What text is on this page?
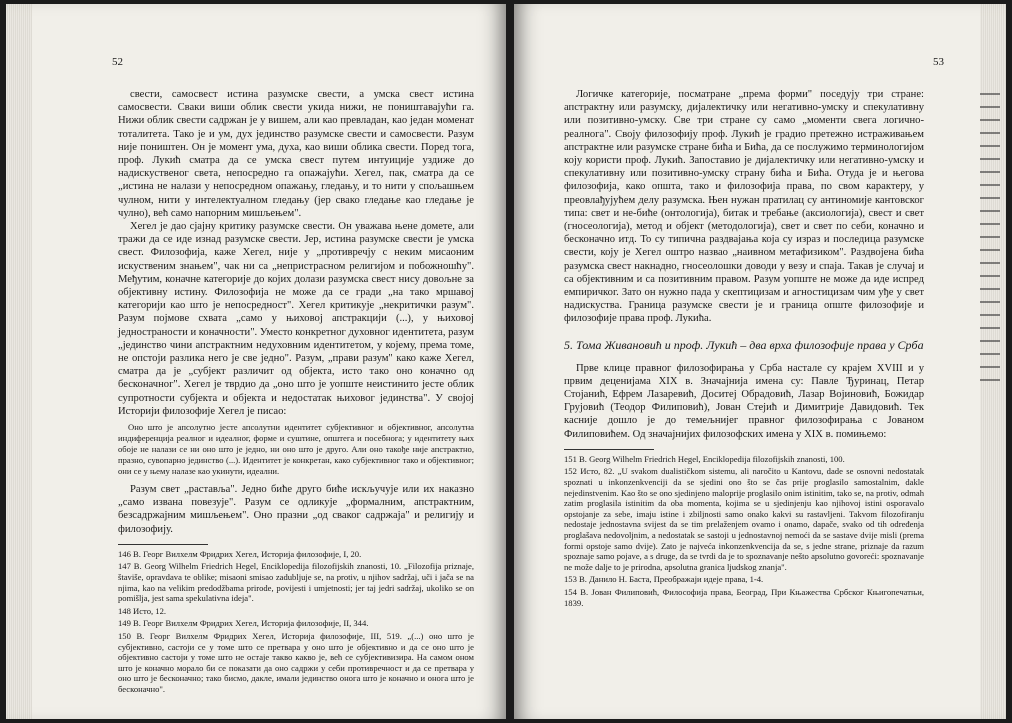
52

свести, самосвест истина разумске свести, а умска свест истина самосвести. Сваки виши облик свести укида нижи, не поништавајући га. Нижи облик свести садржан је у вишем, али као превладан, као један моменат тоталитета. Тако је и ум, дух јединство разумске свести и самосвести. Разум није поништен. Он је момент ума, духа, као виши облика свести. Поред тога, проф. Лукић сматра да се умска свест путем интуиције уздиже до надискуственог света, непосредно га опажајући. Хегел, пак, сматра да се „истина не налази у непосредном опажању, гледању, и то нити у спољашњем чулном, нити у интелектуалном гледању (јер свако гледање као гледање је чулно), већ само напорним мишљењем".

Хегел је дао сјајну критику разумске свести. Он уважава њене домете, али тражи да се иде изнад разумске свести. Јер, истина разумске свести је умска свест. Филозофија, каже Хегел, није у „противречју с неким мисаоним искуственим знањем", чак ни са „непристрасном религијом и побожношћу". Међутим, коначне категорије до којих долази разумска свест нису довољне за објективну истину. Филозофија не може да се гради „на тако мршавој категорији као што је непосредност". Хегел критикује „некритички разум". Разум појмове схвата „само у њиховој апстракцији (...), у њиховој једностраности и коначности". Уместо конкретног духовног идентитета, разум „јединство чини апстрактним недуховним идентитетом, у којему, према томе, не опстоји разлика него је све једно". Разум, „прави разум" како каже Хегел, сматра да је „субјект различит од објекта, исто тако оно коначно од бесконачног". Хегел је тврдио да „оно што је уопште неистинито јесте облик супротности субјекта и објекта и недостатак њиховог јединства". У својој Историји филозофије Хегел је писао:

Оно што је апсолутно јесте апсолутни идентитет субјективног и објективног, апсолутна индиференција реалног и идеалног, форме и суштине, општега и посебнога; у идентитету њих обоје не налази се ни оно што је једно, ни оно што је друго. Али оно такође није апстрактно, празно, сувопарно јединство (...). Идентитет је конкретан, како субјективног тако и објективног; они се у њему налазе као укинути, идеални.

Разум свет „раставља". Једно биће друго биће искључује или их наказно „само извана повезује". Разум се одликује „формалним, апстрактним, безсадржајним мишљењем". Оно празни „од сваког садржаја" и религију и филозофију.

146 В. Георг Вилхелм Фридрих Хегел, Историја филозофије, I, 20.

147 В. Georg Wilhelm Friedrich Hegel, Enciklopedija filozofijskih znanosti, 10. „Filozofija priznaje, štaviše, opravdava te oblike; misaoni smisao zadubljuje se, na protiv, u njihov sadržaj, uči i jača se na njima, kao na velikim predodžbama prirode, povijesti i umjetnosti; jer taj jedri sadržaj, ukoliko se on pomišlja, jest sama spekulativna ideja".

148 Исто, 12.

149 В. Георг Вилхелм Фридрих Хегел, Историја филозофије, II, 344.

150 В. Георг Вилхелм Фридрих Хегел, Историја филозофије, III, 519. „(...) оно што је субјективно, састоји се у томе што се претвара у оно што је објективно и да се оно што је објективно састоји у томе што не остаје такво какво је, већ се субјективизира. На самом оном што је коначно морало би се показати да оно садржи у себи противречност и да се претвара у оно што је бесконачно; тако бисмо, дакле, имали јединство онога што је коначно и онога што је бесконачно".

53

Логичке категорије, посматране „према форми" поседују три стране: апстрактну или разумску, дијалектичку или негативно-умску и спекулативну или позитивно-умску. Све три стране су само „моменти свега логично-реалнога". Своју филозофију проф. Лукић је градио претежно истраживањем апстрактне или разумске стране бића и Бића, да се послужимо терминологијом коју користи проф. Лукић. Запоставио је дијалектичку или негативно-умску и спекулативну или позитивно-умску страну бића и Бића. Отуда је и његова филозофија, како општа, тако и филозофија права, по свом карактеру, у преовлађујућем делу разумска. Њен нужан пратилац су антиномије кантовског типа: свет и не-биће (онтологија), битак и требање (аксиологија), свест и свет (гносеологија), метод и објект (методологија), свет и свет по себи, коначно и бесконачно итд. То су типична раздвајања која су израз и последица разумске свести, коју је Хегел оштро назвао „наивном метафизиком". Раздвојена бића разумска свест накнадно, гносеолошки доводи у везу и спаја. Такав је случај и са објективним и са позитивним правом. Разум уопште не може да иде испред емпиричког. Зато он нужно пада у скептицизам и агностицизам чим уђе у свет надискуства. Граница разумске свести је и граница опште филозофије и филозофије права проф. Лукића.

5. Тома Живановић и проф. Лукић – два врха филозофије права у Срба

Прве клице правног филозофирања у Срба настале су крајем XVIII и у првим деценијама XIX в. Значајнија имена су: Павле Ђуринац, Петар Стојанић, Ефрем Лазаревић, Доситеј Обрадовић, Лазар Војиновић, Божидар Грујовић (Теодор Филиповић), Јован Стејић и Димитрије Давидовић. Тек касније дошло је до темељнијег правног филозофирања с Јованом Филиповићем. Од значајнијих филозофских имена у XIX в. помињемо:

151 В. Georg Wilhelm Friedrich Hegel, Enciklopedija filozofijskih znanosti, 100.

152 Исто, 82. „U svakom dualističkom sistemu, ali naročito u Kantovu, dade se osnovni nedostatak spoznati u inkonzenkvenciji da se sjedini ono što se čas prije proglasilo samostalnim, dakle nejedinstvenim. Kao što se ono sjedinjeno maloprije proglasilo onim istinitim, tako se, na protiv, odmah zatim proglasila istinitim da oba momenta, kojima se u sjedinjenju kao njihovoj istini osporavalo opstojanje za sebe, imaju istine i zbiljnosti samo onako kakvi su rastavljeni. Takvom filozofiranju nedostaje jednostavna svijest da se tim prelaženjem ovamo i onamo, dapače, svako od tih određenja proglašava nedovoljnim, a nedostatak se sastoji u jednostavnoj nemoći da se sastave dvije misli (prema formi opstoje samo dvije). Zato je najveća inkonzenkvencija da se, s jedne strane, priznaje da razum spoznaje samo pojave, a s druge, da se tvrdi da je to spoznavanje nešto apsolutno govoreći: spoznavanje ne može dalje to je prirodna, apsolutna granica ljudskog znanja".

153 В. Данило Н. Баста, Преображаји идеје права, 1-4.

154 В. Јован Филиповић, Философија права, Београд, При Књажества Србског Књигопечатњи, 1839.
